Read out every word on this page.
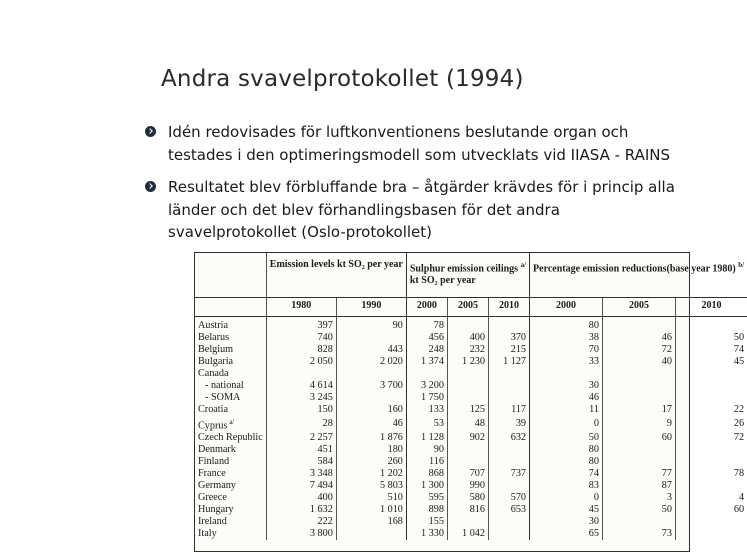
Andra svavelprotokollet (1994)
Idén redovisades för luftkonventionens beslutande organ och testades i den optimeringsmodell som utvecklats vid IIASA - RAINS
Resultatet blev förbluffande bra – åtgärder krävdes för i princip alla länder och det blev förhandlingsbasen för det andra svavelprotokollet (Oslo-protokollet)
	Emission levels kt SO₂ per year		Sulphur emission ceilings $^{a/}$
kt SO₂ per year			Percentage emission reductions(base year 1980) $^{b/}$
	1980	1990	2000	2005	2010	2000	2005	2010
Austria	397	90	78			80		
Belarus	740		456	400	370	38	46	50
Belgium	828	443	248	232	215	70	72	74
Bulgaria	2 050	2 020	1 374	1 230	1 127	33	40	45
Canada								
- national	4 614	3 700	3 200			30		
- SOMA	3 245		1 750			46		
Croatia	150	160	133	125	117	11	17	22
Cyprus $^{a/}$	28	46	53	48	39	0	9	26
Czech Republic	2 257	1 876	1 128	902	632	50	60	72
Denmark	451	180	90			80		
Finland	584	260	116			80		
France	3 348	1 202	868	707	737	74	77	78
Germany	7 494	5 803	1 300	990		83	87	
Greece	400	510	595	580	570	0	3	4
Hungary	1 632	1 010	898	816	653	45	50	60
Ireland	222	168	155			30		
Italy	3 800		1 330	1 042		65	73	
